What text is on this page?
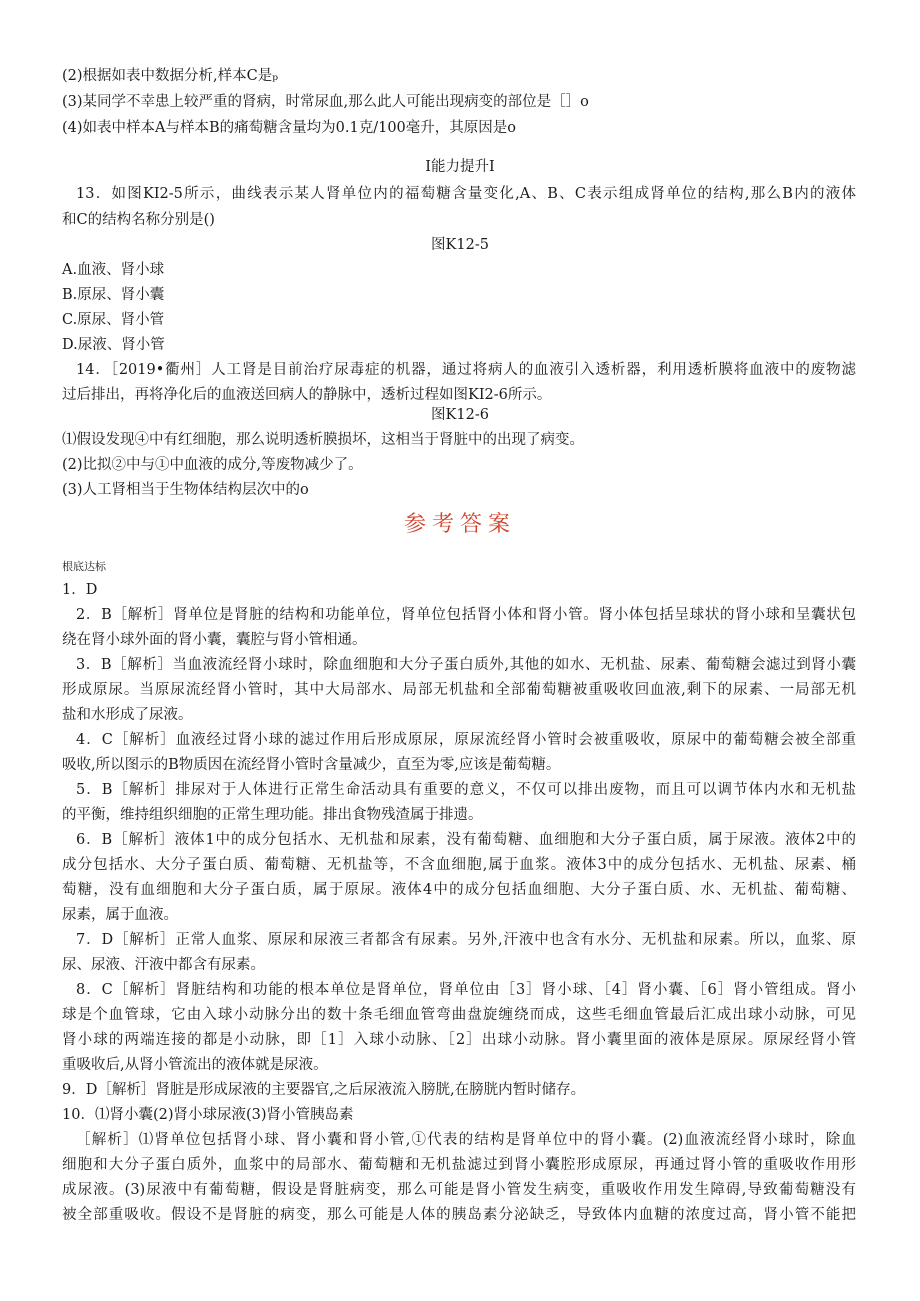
(2)根据如表中数据分析,样本C是ₚ
(3)某同学不幸患上较严重的肾病，时常尿血,那么此人可能出现病变的部位是［］o
(4)如表中样本A与样本B的痛萄糖含量均为0.1克/100毫升，其原因是o
I能力提升I
13．如图KI2-5所示，曲线表示某人肾单位内的福萄糖含量变化,A、B、C表示组成肾单位的结构,那么B内的液体
和C的结构名称分别是()
图K12-5
A.血液、肾小球
B.原尿、肾小囊
C.原尿、肾小管
D.尿液、肾小管
14．［2019•衢州］人工肾是目前治疗尿毒症的机器，通过将病人的血液引入透析器，利用透析膜将血液中的废物滤
过后排出，再将净化后的血液送回病人的静脉中，透析过程如图KI2-6所示。
图K12-6
⑴假设发现④中有红细胞，那么说明透析膜损坏，这相当于肾脏中的出现了病变。
(2)比拟②中与①中血液的成分,等废物减少了。
(3)人工肾相当于生物体结构层次中的o
参考答案
根底达标
1．D
2．B［解析］肾单位是肾脏的结构和功能单位，肾单位包括肾小体和肾小管。肾小体包括呈球状的肾小球和呈囊状包
绕在肾小球外面的肾小囊，囊腔与肾小管相通。
3．B［解析］当血液流经肾小球时，除血细胞和大分子蛋白质外,其他的如水、无机盐、尿素、葡萄糖会滤过到肾小囊
形成原尿。当原尿流经肾小管时，其中大局部水、局部无机盐和全部葡萄糖被重吸收回血液,剩下的尿素、一局部无机
盐和水形成了尿液。
4．C［解析］血液经过肾小球的滤过作用后形成原尿，原尿流经肾小管时会被重吸收，原尿中的葡萄糖会被全部重
吸收,所以图示的B物质因在流经肾小管时含量减少，直至为零,应该是葡萄糖。
5．B［解析］排尿对于人体进行正常生命活动具有重要的意义，不仅可以排出废物，而且可以调节体内水和无机盐
的平衡，维持组织细胞的正常生理功能。排出食物残渣属于排遗。
6．B［解析］液体1中的成分包括水、无机盐和尿素，没有葡萄糖、血细胞和大分子蛋白质，属于尿液。液体2中的
成分包括水、大分子蛋白质、葡萄糖、无机盐等，不含血细胞,属于血浆。液体3中的成分包括水、无机盐、尿素、桶
萄糖，没有血细胞和大分子蛋白质，属于原尿。液体4中的成分包括血细胞、大分子蛋白质、水、无机盐、葡萄糖、
尿素，属于血液。
7．D［解析］正常人血浆、原尿和尿液三者都含有尿素。另外,汗液中也含有水分、无机盐和尿素。所以，血浆、原
尿、尿液、汗液中都含有尿素。
8．C［解析］肾脏结构和功能的根本单位是肾单位，肾单位由［3］肾小球、［4］肾小囊、［6］肾小管组成。肾小
球是个血管球，它由入球小动脉分出的数十条毛细血管弯曲盘旋缠绕而成，这些毛细血管最后汇成出球小动脉，可见
肾小球的两端连接的都是小动脉，即［1］入球小动脉、［2］出球小动脉。肾小囊里面的液体是原尿。原尿经肾小管
重吸收后,从肾小管流出的液体就是尿液。
9．D［解析］肾脏是形成尿液的主要器官,之后尿液流入膀胱,在膀胱内暂时储存。
10．⑴肾小囊(2)肾小球尿液(3)肾小管胰岛素
［解析］⑴肾单位包括肾小球、肾小囊和肾小管,①代表的结构是肾单位中的肾小囊。(2)血液流经肾小球时，除血
细胞和大分子蛋白质外，血浆中的局部水、葡萄糖和无机盐滤过到肾小囊腔形成原尿，再通过肾小管的重吸收作用形
成尿液。(3)尿液中有葡萄糖，假设是肾脏病变，那么可能是肾小管发生病变，重吸收作用发生障碍,导致葡萄糖没有
被全部重吸收。假设不是肾脏的病变，那么可能是人体的胰岛素分泌缺乏，导致体内血糖的浓度过高，肾小管不能把
